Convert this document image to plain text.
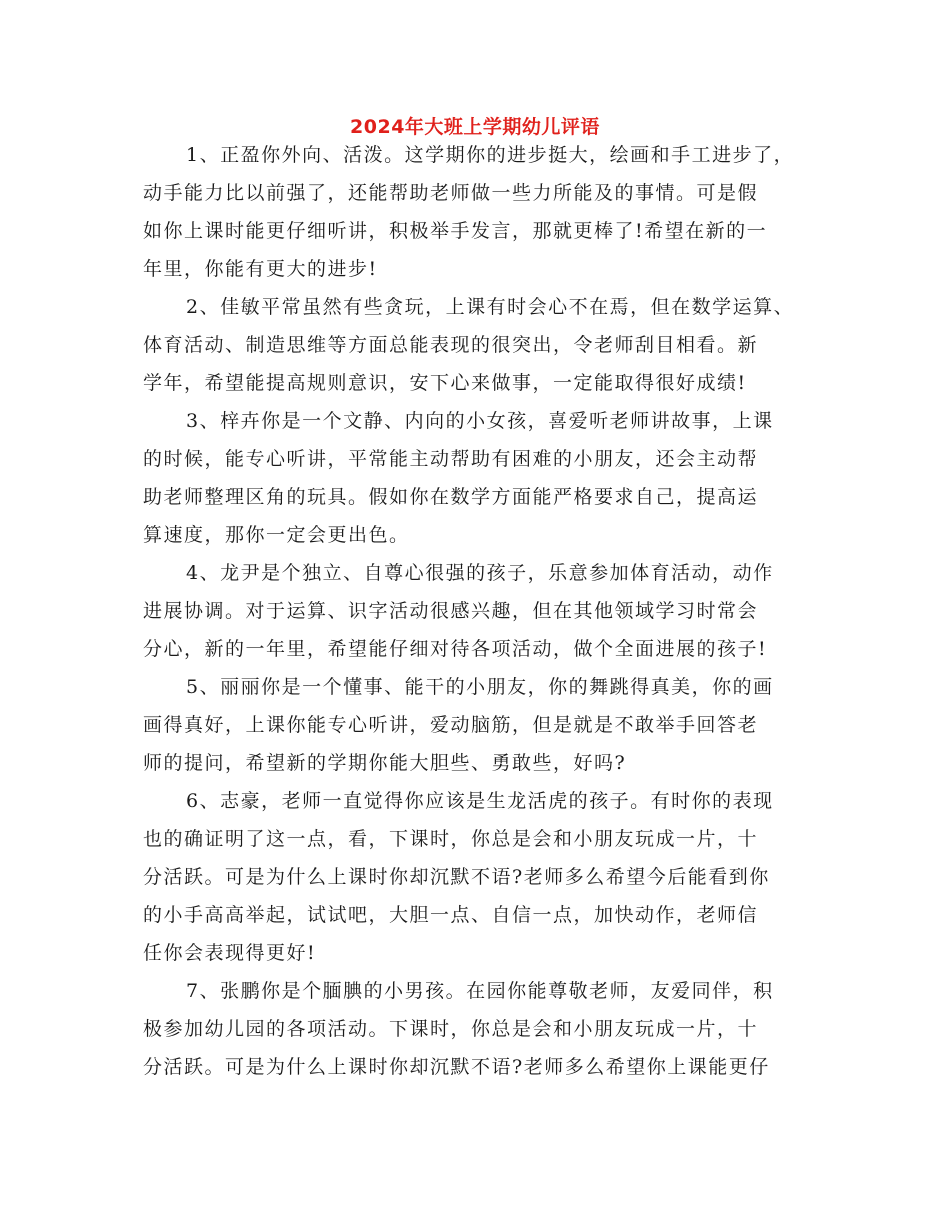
2024年大班上学期幼儿评语
1、正盈你外向、活泼。这学期你的进步挺大，绘画和手工进步了，
动手能力比以前强了，还能帮助老师做一些力所能及的事情。可是假
如你上课时能更仔细听讲，积极举手发言，那就更棒了!希望在新的一
年里，你能有更大的进步!
2、佳敏平常虽然有些贪玩，上课有时会心不在焉，但在数学运算、
体育活动、制造思维等方面总能表现的很突出，令老师刮目相看。新
学年，希望能提高规则意识，安下心来做事，一定能取得很好成绩!
3、梓卉你是一个文静、内向的小女孩，喜爱听老师讲故事，上课
的时候，能专心听讲，平常能主动帮助有困难的小朋友，还会主动帮
助老师整理区角的玩具。假如你在数学方面能严格要求自己，提高运
算速度，那你一定会更出色。
4、龙尹是个独立、自尊心很强的孩子，乐意参加体育活动，动作
进展协调。对于运算、识字活动很感兴趣，但在其他领域学习时常会
分心，新的一年里，希望能仔细对待各项活动，做个全面进展的孩子!
5、丽丽你是一个懂事、能干的小朋友，你的舞跳得真美，你的画
画得真好，上课你能专心听讲，爱动脑筋，但是就是不敢举手回答老
师的提问，希望新的学期你能大胆些、勇敢些，好吗?
6、志豪，老师一直觉得你应该是生龙活虎的孩子。有时你的表现
也的确证明了这一点，看，下课时，你总是会和小朋友玩成一片，十
分活跃。可是为什么上课时你却沉默不语?老师多么希望今后能看到你
的小手高高举起，试试吧，大胆一点、自信一点，加快动作，老师信
任你会表现得更好!
7、张鹏你是个腼腆的小男孩。在园你能尊敬老师，友爱同伴，积
极参加幼儿园的各项活动。下课时，你总是会和小朋友玩成一片，十
分活跃。可是为什么上课时你却沉默不语?老师多么希望你上课能更仔
